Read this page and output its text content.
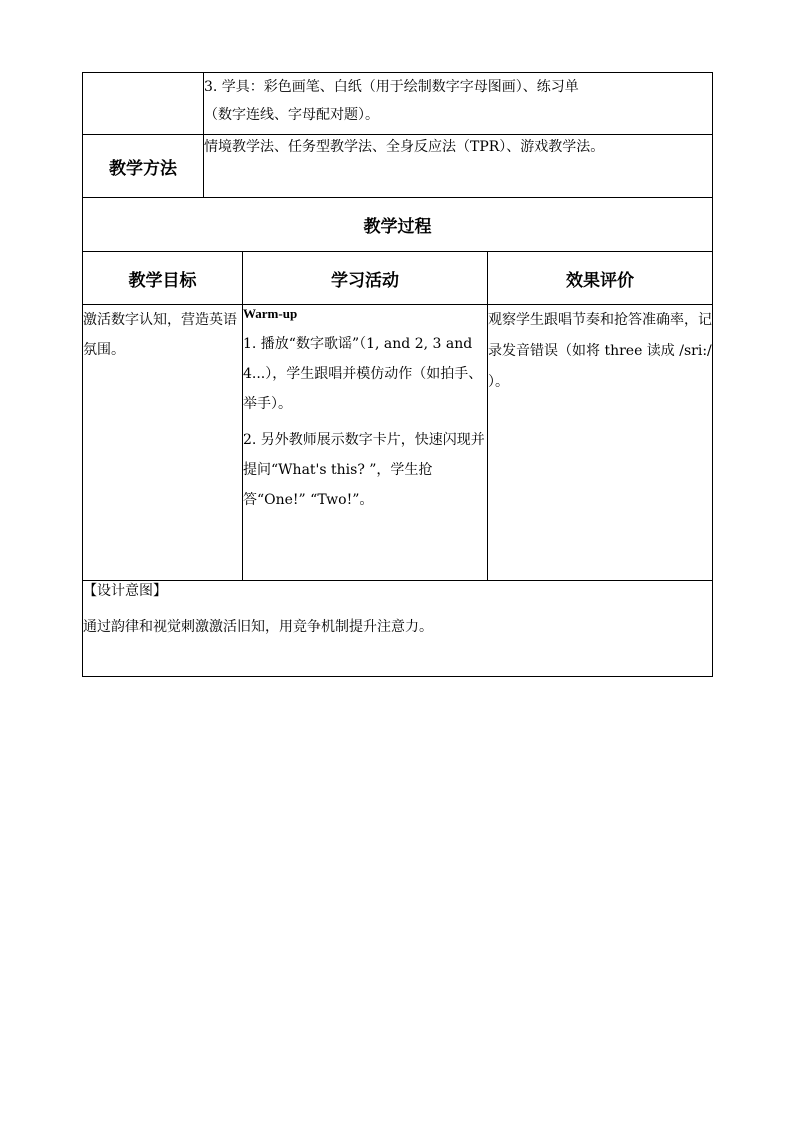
	3. 学具：彩色画笔、白纸（用于绘制数字字母图画）、练习单
（数字连线、字母配对题）。

教学方法	情境教学法、任务型教学法、全身反应法（TPR）、游戏教学法。
教学过程		
教学目标	学习活动	效果评价
激活数字认知，营造英语氛围。	Warm-up
1. 播放“数字歌谣”（1, and 2, 3 and 4...），学生跟唱并模仿动作（如拍手、举手）。
2. 另外教师展示数字卡片，快速闪现并提问“What's this? ”，学生抢答“One!” “Two!”。	观察学生跟唱节奏和抢答准确率，记录发音错误（如将 three 读成 /sri:/ ）。

【设计意图】
通过韵律和视觉刺激激活旧知，用竞争机制提升注意力。		
